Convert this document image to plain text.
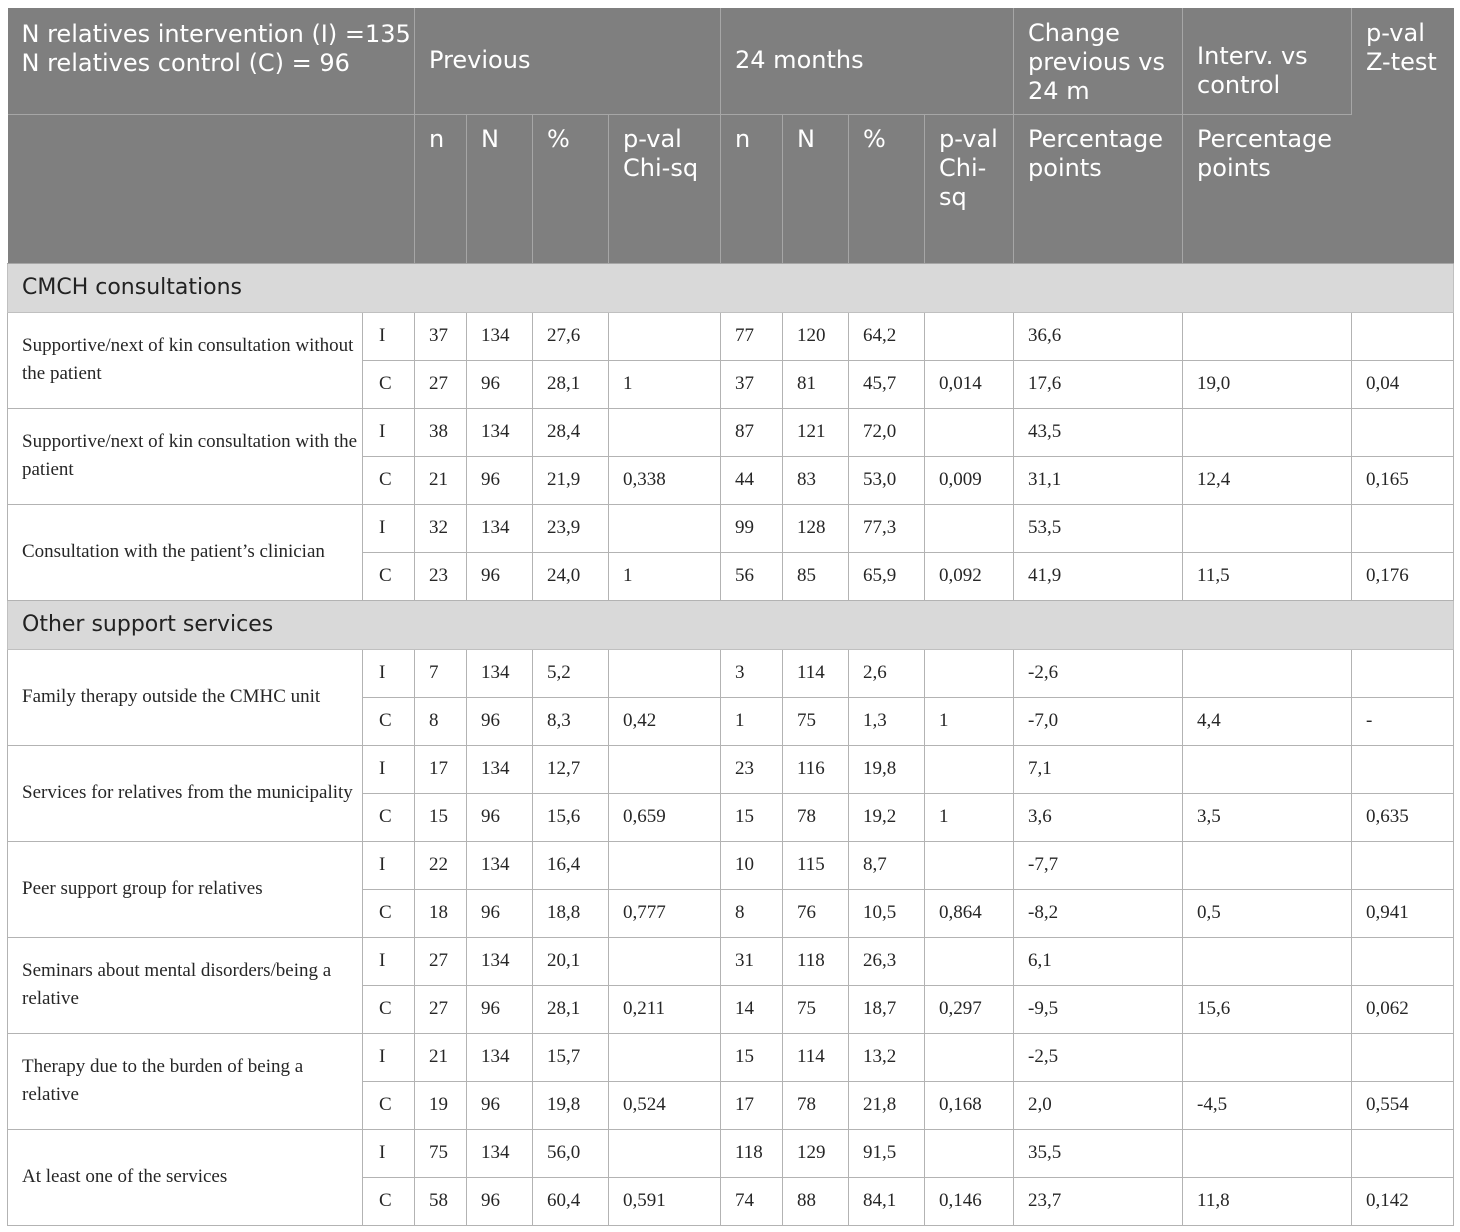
N relatives intervention (I) =135
N relatives control (C) = 96		Previous				24 months				Change previous vs 24 m	Interv. vs control	p-val Z-test
		n	N	%	p-val Chi-sq	n	N	%	p-val Chi-sq	Percentage points	Percentage points	
CMCH consultations												
Supportive/next of kin consultation without the patient	I	37	134	27,6		77	120	64,2		36,6		
	C	27	96	28,1	1	37	81	45,7	0,014	17,6	19,0	0,04
Supportive/next of kin consultation with the patient	I	38	134	28,4		87	121	72,0		43,5		
	C	21	96	21,9	0,338	44	83	53,0	0,009	31,1	12,4	0,165
Consultation with the patient’s clinician	I	32	134	23,9		99	128	77,3		53,5		
	C	23	96	24,0	1	56	85	65,9	0,092	41,9	11,5	0,176
Other support services												
Family therapy outside the CMHC unit	I	7	134	5,2		3	114	2,6		-2,6		
	C	8	96	8,3	0,42	1	75	1,3	1	-7,0	4,4	-
Services for relatives from the municipality	I	17	134	12,7		23	116	19,8		7,1		
	C	15	96	15,6	0,659	15	78	19,2	1	3,6	3,5	0,635
Peer support group for relatives	I	22	134	16,4		10	115	8,7		-7,7		
	C	18	96	18,8	0,777	8	76	10,5	0,864	-8,2	0,5	0,941
Seminars about mental disorders/being a relative	I	27	134	20,1		31	118	26,3		6,1		
	C	27	96	28,1	0,211	14	75	18,7	0,297	-9,5	15,6	0,062
Therapy due to the burden of being a relative	I	21	134	15,7		15	114	13,2		-2,5		
	C	19	96	19,8	0,524	17	78	21,8	0,168	2,0	-4,5	0,554
At least one of the services	I	75	134	56,0		118	129	91,5		35,5		
	C	58	96	60,4	0,591	74	88	84,1	0,146	23,7	11,8	0,142
